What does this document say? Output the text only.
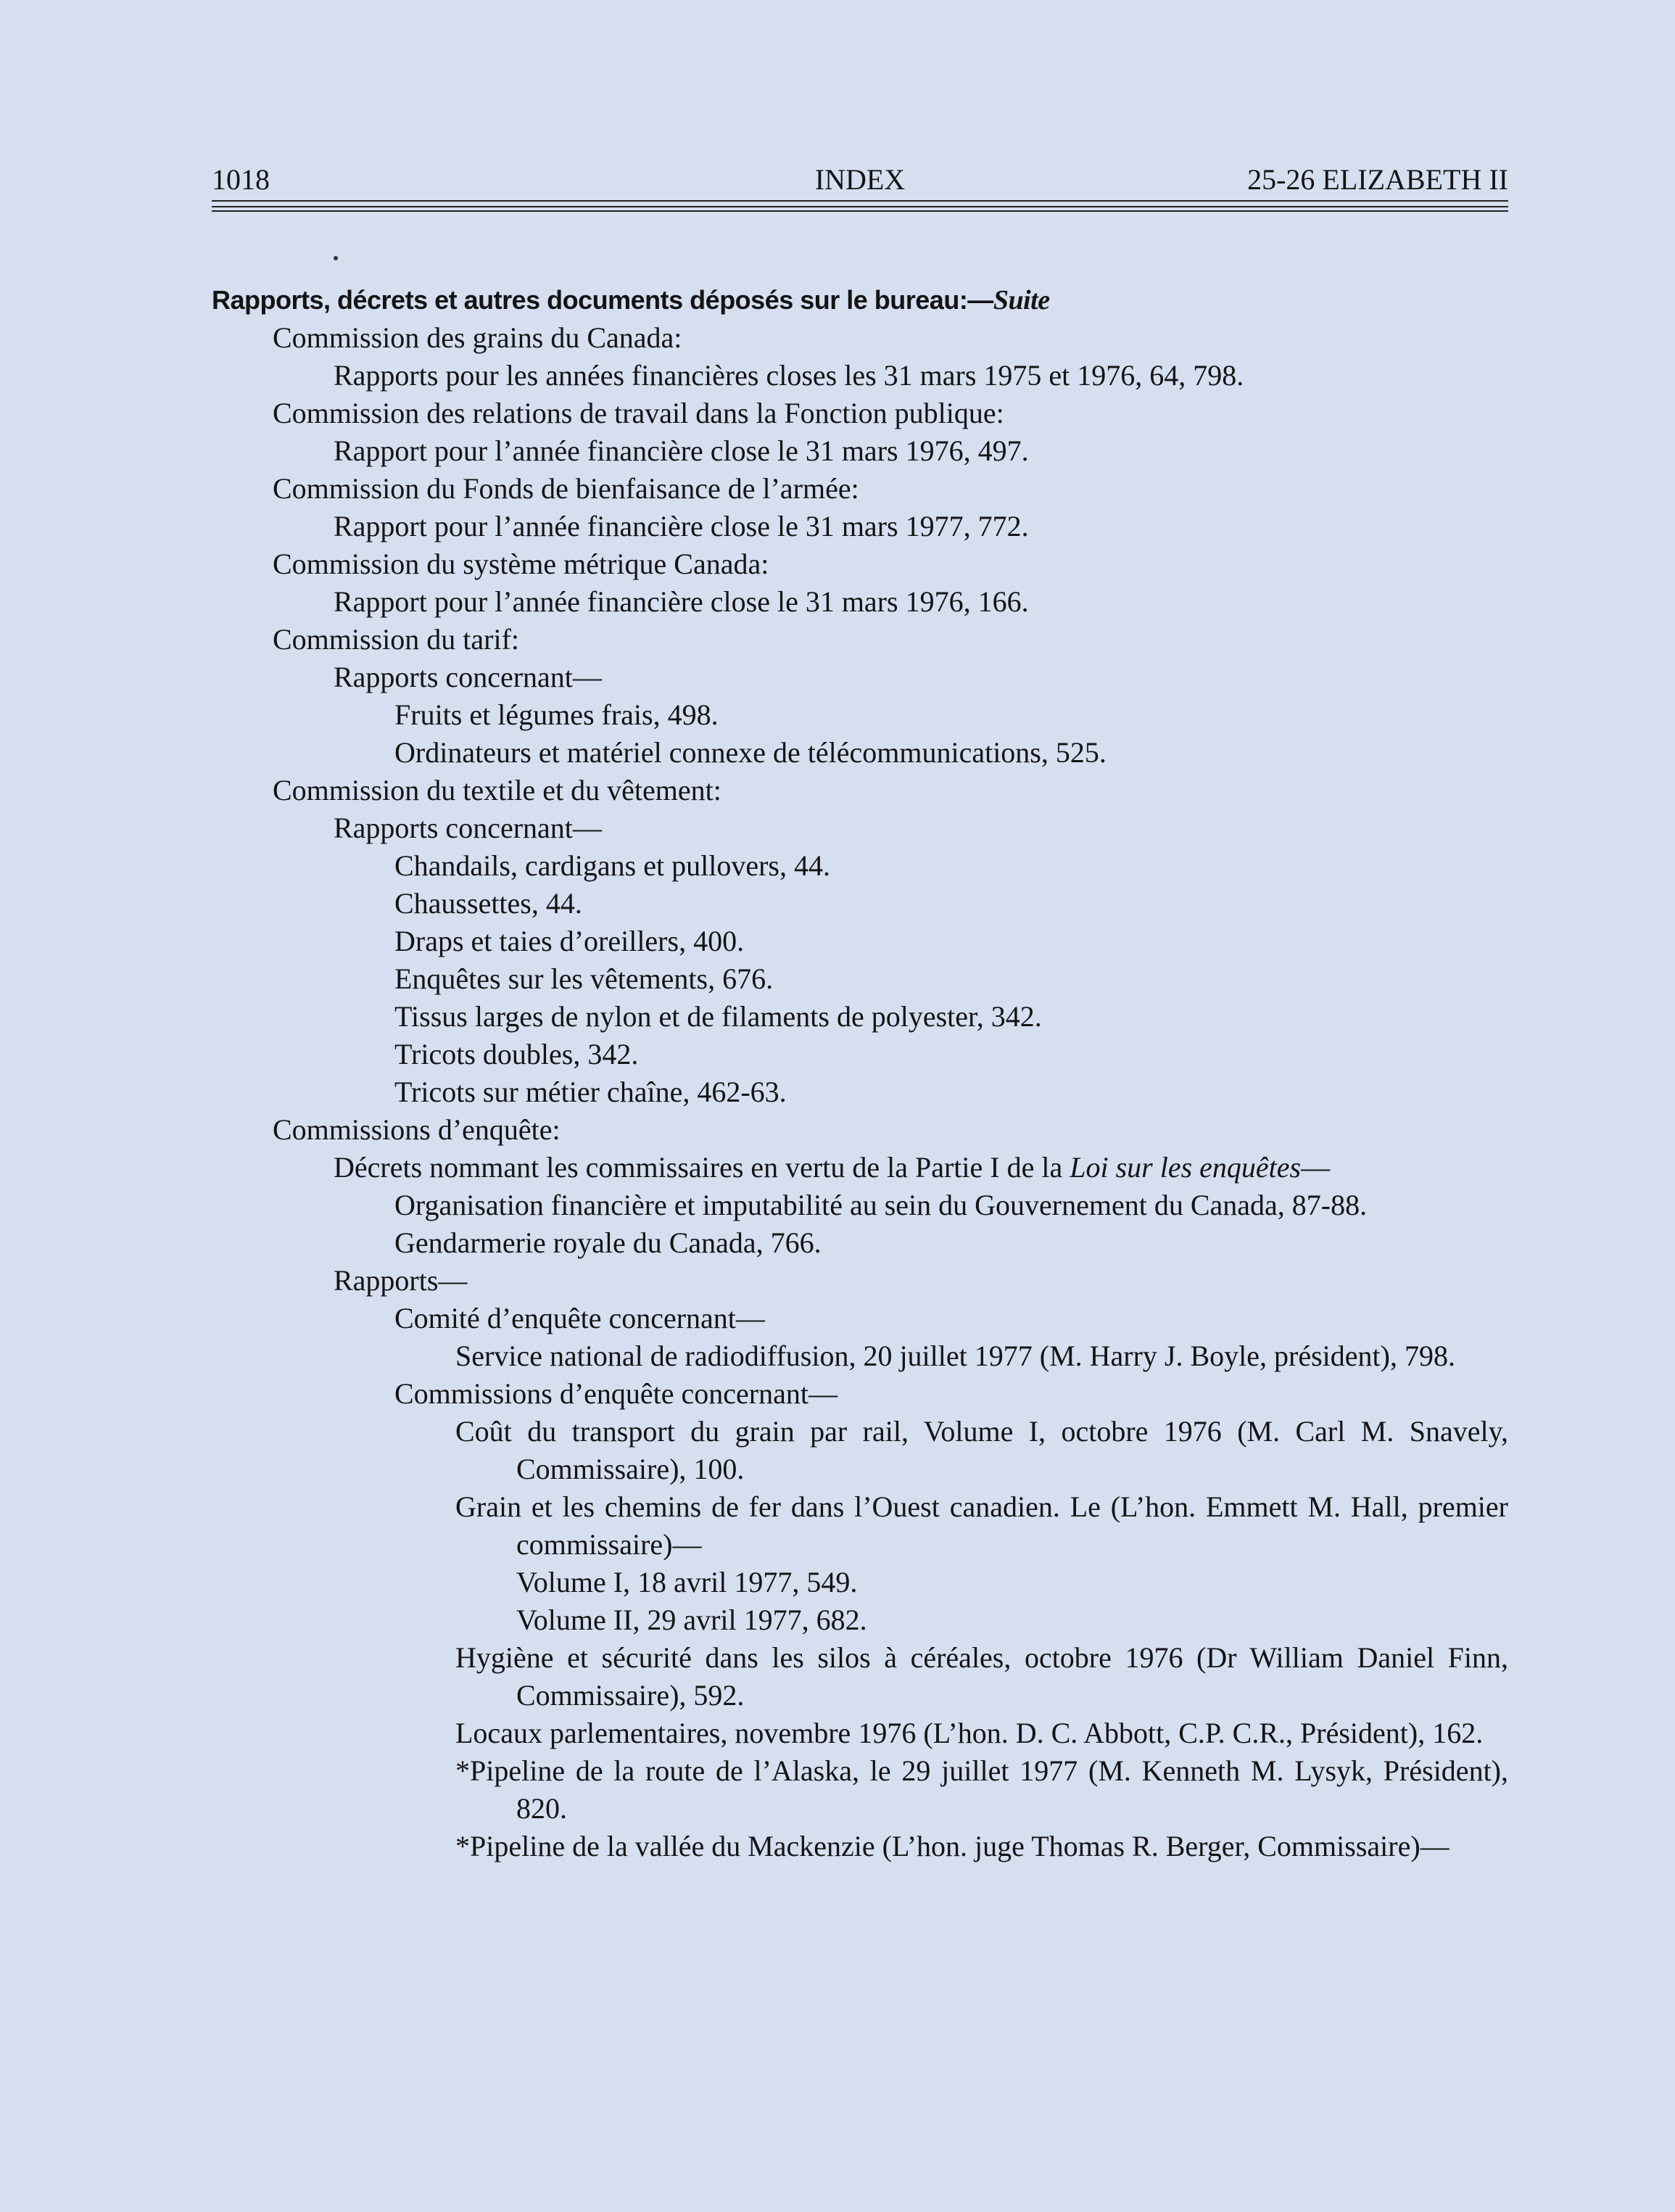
INDEX
1018	25-26 ELIZABETH II

Rapports, décrets et autres documents déposés sur le bureau:—Suite

Commission des grains du Canada:

Rapports pour les années financières closes les 31 mars 1975 et 1976, 64, 798.

Commission des relations de travail dans la Fonction publique:

Rapport pour l’année financière close le 31 mars 1976, 497.

Commission du Fonds de bienfaisance de l’armée:

Rapport pour l’année financière close le 31 mars 1977, 772.

Commission du système métrique Canada:

Rapport pour l’année financière close le 31 mars 1976, 166.

Commission du tarif:

Rapports concernant—

Fruits et légumes frais, 498.

Ordinateurs et matériel connexe de télécommunications, 525.

Commission du textile et du vêtement:

Rapports concernant—

Chandails, cardigans et pullovers, 44.

Chaussettes, 44.

Draps et taies d’oreillers, 400.

Enquêtes sur les vêtements, 676.

Tissus larges de nylon et de filaments de polyester, 342.

Tricots doubles, 342.

Tricots sur métier chaîne, 462-63.

Commissions d’enquête:

Décrets nommant les commissaires en vertu de la Partie I de la Loi sur les enquêtes—

Organisation financière et imputabilité au sein du Gouvernement du Canada, 87-88.

Gendarmerie royale du Canada, 766.

Rapports—

Comité d’enquête concernant—

Service national de radiodiffusion, 20 juillet 1977 (M. Harry J. Boyle, président), 798.

Commissions d’enquête concernant—

Coût du transport du grain par rail, Volume I, octobre 1976 (M. Carl M. Snavely, Commissaire), 100.

Grain et les chemins de fer dans l’Ouest canadien. Le (L’hon. Emmett M. Hall, premier commissaire)—

Volume I, 18 avril 1977, 549.

Volume II, 29 avril 1977, 682.

Hygiène et sécurité dans les silos à céréales, octobre 1976 (Dr William Daniel Finn, Commissaire), 592.

Locaux parlementaires, novembre 1976 (L’hon. D. C. Abbott, C.P. C.R., Président), 162.

*Pipeline de la route de l’Alaska, le 29 juillet 1977 (M. Kenneth M. Lysyk, Président), 820.

*Pipeline de la vallée du Mackenzie (L’hon. juge Thomas R. Berger, Commissaire)—
